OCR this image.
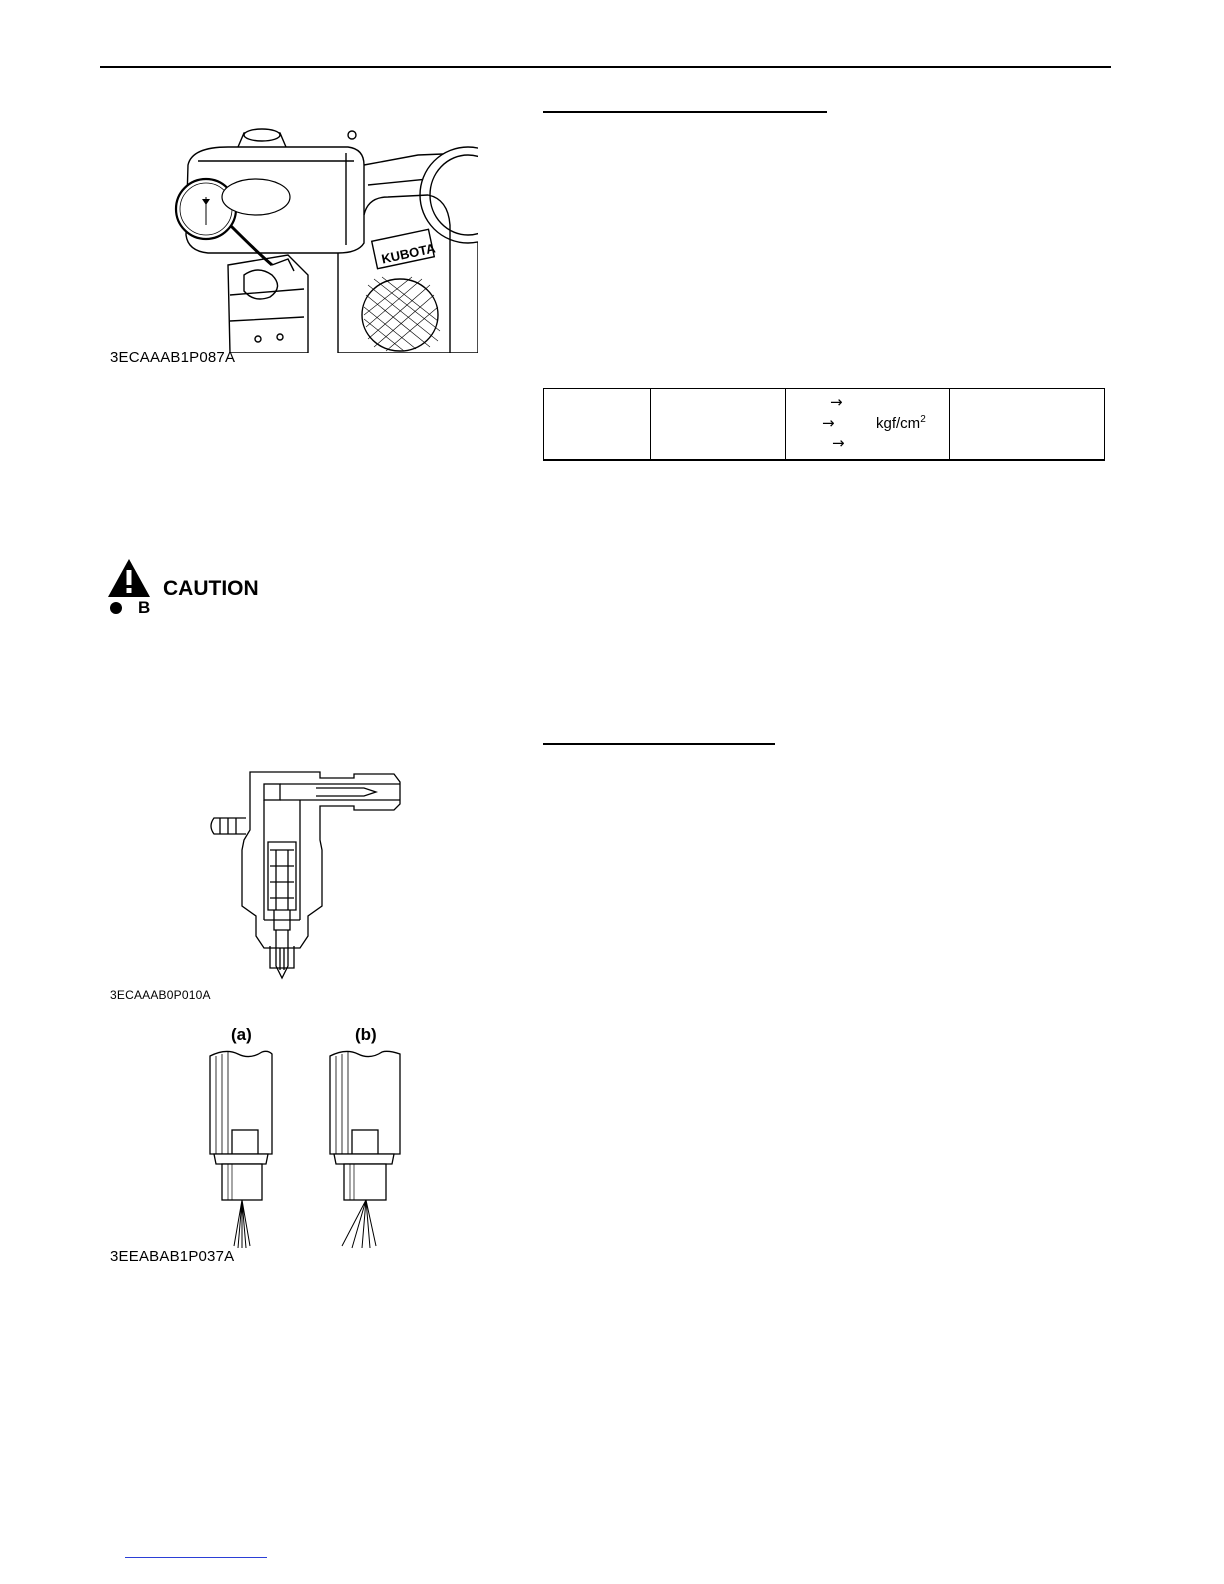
KUBOTA
3ECAAAB1P087A

→
→	kgf/$cm^2$
→

CAUTION
B
3ECAAAB0P010A
(a)	(b)
3EEABAB1P037A
